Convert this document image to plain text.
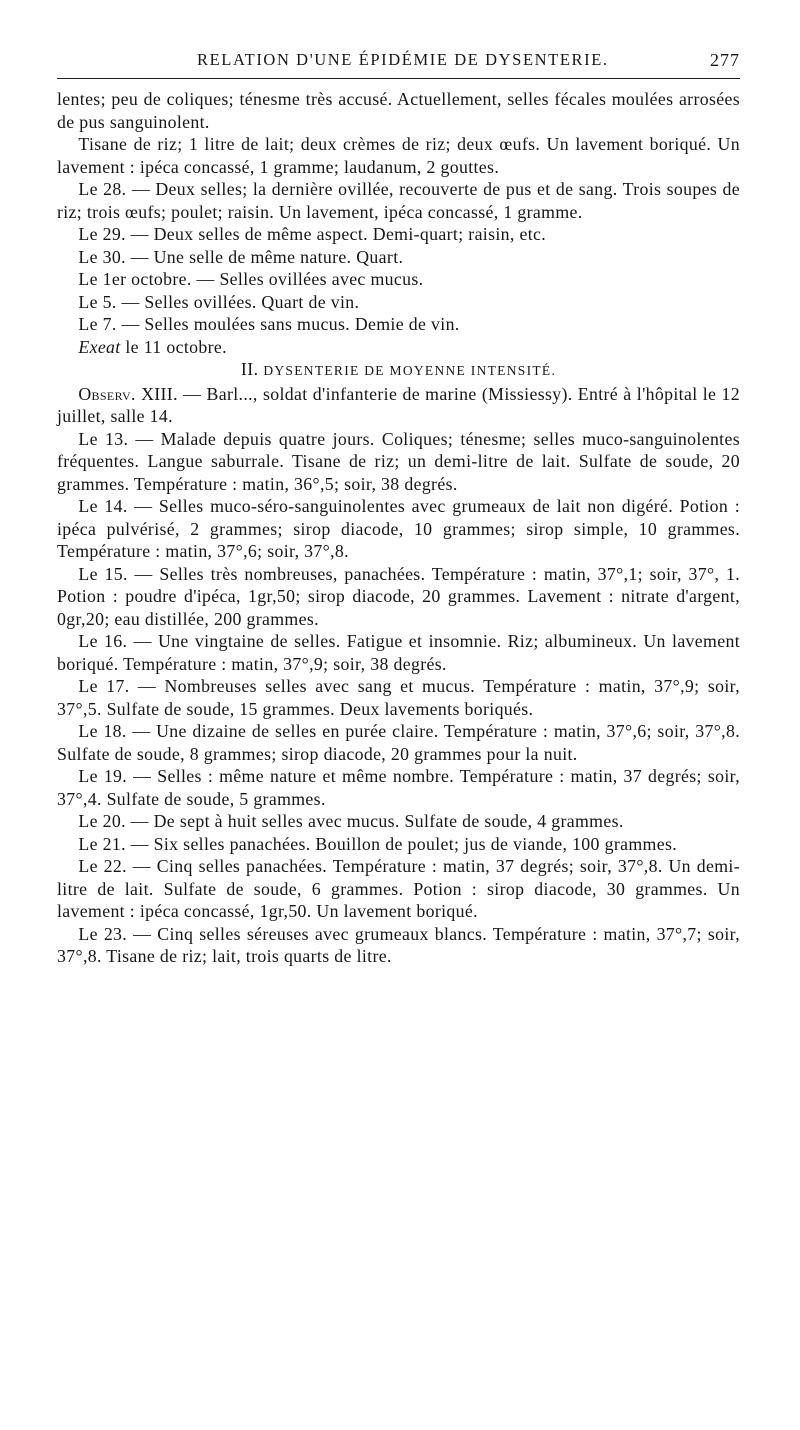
RELATION D'UNE ÉPIDÉMIE DE DYSENTERIE.	277

lentes; peu de coliques; ténesme très accusé. Actuellement, selles fécales moulées arrosées de pus sanguinolent.

Tisane de riz; 1 litre de lait; deux crèmes de riz; deux œufs. Un lavement boriqué. Un lavement : ipéca concassé, 1 gramme; laudanum, 2 gouttes.

Le 28. — Deux selles; la dernière ovillée, recouverte de pus et de sang. Trois soupes de riz; trois œufs; poulet; raisin. Un lavement, ipéca concassé, 1 gramme.

Le 29. — Deux selles de même aspect. Demi-quart; raisin, etc.

Le 30. — Une selle de même nature. Quart.

Le 1er octobre. — Selles ovillées avec mucus.

Le 5. — Selles ovillées. Quart de vin.

Le 7. — Selles moulées sans mucus. Demie de vin.

Exeat le 11 octobre.

II. DYSENTERIE DE MOYENNE INTENSITÉ.

Observ. XIII. — Barl..., soldat d'infanterie de marine (Missiessy). Entré à l'hôpital le 12 juillet, salle 14.

Le 13. — Malade depuis quatre jours. Coliques; ténesme; selles muco-sanguinolentes fréquentes. Langue saburrale. Tisane de riz; un demi-litre de lait. Sulfate de soude, 20 grammes. Température : matin, 36°,5; soir, 38 degrés.

Le 14. — Selles muco-séro-sanguinolentes avec grumeaux de lait non digéré. Potion : ipéca pulvérisé, 2 grammes; sirop diacode, 10 grammes; sirop simple, 10 grammes. Température : matin, 37°,6; soir, 37°,8.

Le 15. — Selles très nombreuses, panachées. Température : matin, 37°,1; soir, 37°, 1. Potion : poudre d'ipéca, 1gr,50; sirop diacode, 20 grammes. Lavement : nitrate d'argent, 0gr,20; eau distillée, 200 grammes.

Le 16. — Une vingtaine de selles. Fatigue et insomnie. Riz; albumineux. Un lavement boriqué. Température : matin, 37°,9; soir, 38 degrés.

Le 17. — Nombreuses selles avec sang et mucus. Température : matin, 37°,9; soir, 37°,5. Sulfate de soude, 15 grammes. Deux lavements boriqués.

Le 18. — Une dizaine de selles en purée claire. Température : matin, 37°,6; soir, 37°,8. Sulfate de soude, 8 grammes; sirop diacode, 20 grammes pour la nuit.

Le 19. — Selles : même nature et même nombre. Température : matin, 37 degrés; soir, 37°,4. Sulfate de soude, 5 grammes.

Le 20. — De sept à huit selles avec mucus. Sulfate de soude, 4 grammes.

Le 21. — Six selles panachées. Bouillon de poulet; jus de viande, 100 grammes.

Le 22. — Cinq selles panachées. Température : matin, 37 degrés; soir, 37°,8. Un demi-litre de lait. Sulfate de soude, 6 grammes. Potion : sirop diacode, 30 grammes. Un lavement : ipéca concassé, 1gr,50. Un lavement boriqué.

Le 23. — Cinq selles séreuses avec grumeaux blancs. Température : matin, 37°,7; soir, 37°,8. Tisane de riz; lait, trois quarts de litre.
